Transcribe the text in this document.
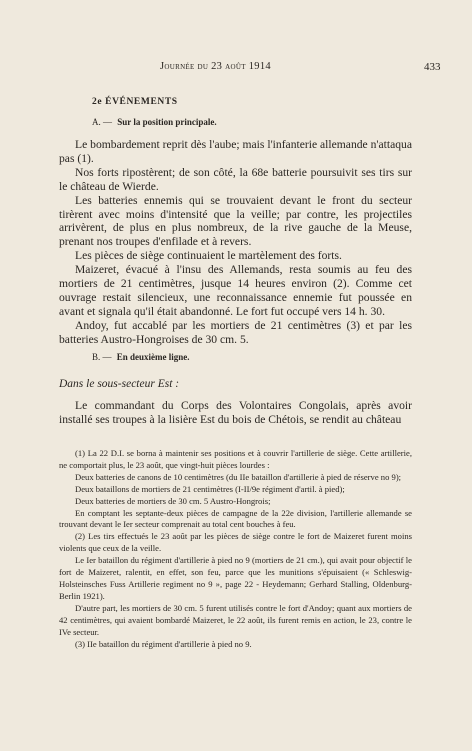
Journée du 23 août 1914	433
2e ÉVÉNEMENTS
A. — Sur la position principale.

Le bombardement reprit dès l'aube; mais l'infanterie allemande n'attaqua pas (1).

Nos forts ripostèrent; de son côté, la 68e batterie poursuivit ses tirs sur le château de Wierde.

Les batteries ennemis qui se trouvaient devant le front du secteur tirèrent avec moins d'intensité que la veille; par contre, les projectiles arrivèrent, de plus en plus nombreux, de la rive gauche de la Meuse, prenant nos troupes d'enfilade et à revers.

Les pièces de siège continuaient le martèlement des forts.

Maizeret, évacué à l'insu des Allemands, resta soumis au feu des mortiers de 21 centimètres, jusque 14 heures environ (2). Comme cet ouvrage restait silencieux, une reconnaissance ennemie fut poussée en avant et signala qu'il était abandonné. Le fort fut occupé vers 14 h. 30.

Andoy, fut accablé par les mortiers de 21 centimètres (3) et par les batteries Austro-Hongroises de 30 cm. 5.

B. — En deuxième ligne.
Dans le sous-secteur Est :

Le commandant du Corps des Volontaires Congolais, après avoir installé ses troupes à la lisière Est du bois de Chétois, se rendit au château

(1) La 22 D.I. se borna à maintenir ses positions et à couvrir l'artillerie de siège. Cette artillerie, ne comportait plus, le 23 août, que vingt-huit pièces lourdes :

Deux batteries de canons de 10 centimètres (du IIe bataillon d'artillerie à pied de réserve no 9);

Deux bataillons de mortiers de 21 centimètres (I-II/9e régiment d'artil. à pied);

Deux batteries de mortiers de 30 cm. 5 Austro-Hongrois;

En comptant les septante-deux pièces de campagne de la 22e division, l'artillerie allemande se trouvant devant le Ier secteur comprenait au total cent bouches à feu.

(2) Les tirs effectués le 23 août par les pièces de siège contre le fort de Maizeret furent moins violents que ceux de la veille.

Le Ier bataillon du régiment d'artillerie à pied no 9 (mortiers de 21 cm.), qui avait pour objectif le fort de Maizeret, ralentit, en effet, son feu, parce que les munitions s'épuisaient (« Schleswig-Holsteinsches Fuss Artillerie regiment no 9 », page 22 - Heydemann; Gerhard Stalling, Oldenburg-Berlin 1921).

D'autre part, les mortiers de 30 cm. 5 furent utilisés contre le fort d'Andoy; quant aux mortiers de 42 centimètres, qui avaient bombardé Maizeret, le 22 août, ils furent remis en action, le 23, contre le IVe secteur.

(3) IIe bataillon du régiment d'artillerie à pied no 9.
